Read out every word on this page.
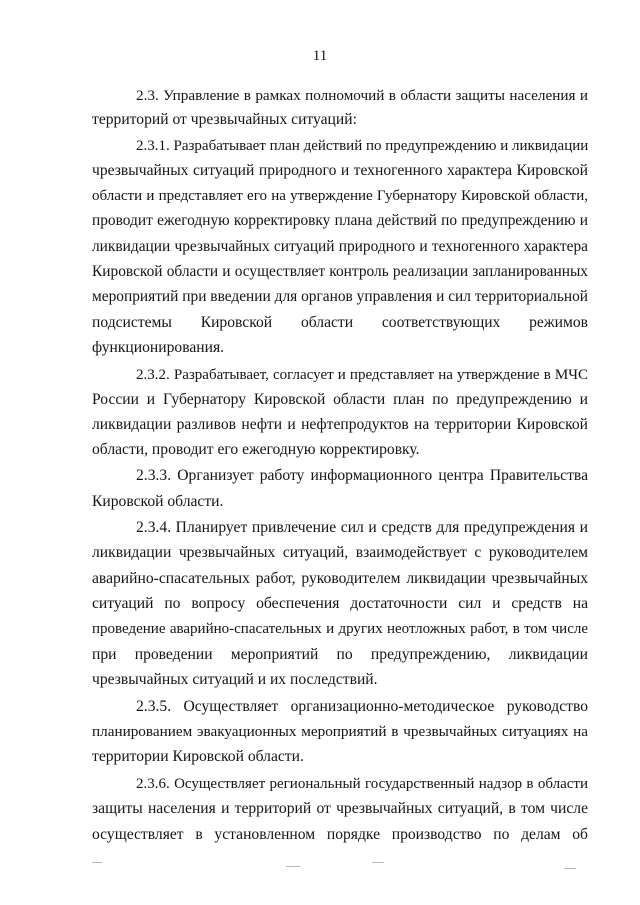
11
2.3. Управление в рамках полномочий в области защиты населения и
территорий от чрезвычайных ситуаций:
2.3.1. Разрабатывает план действий по предупреждению и ликвидации
чрезвычайных ситуаций природного и техногенного характера Кировской
области и представляет его на утверждение Губернатору Кировской области,
проводит ежегодную корректировку плана действий по предупреждению и
ликвидации чрезвычайных ситуаций природного и техногенного характера
Кировской области и осуществляет контроль реализации запланированных
мероприятий при введении для органов управления и сил территориальной
подсистемы Кировской области соответствующих режимов
функционирования.
2.3.2. Разрабатывает, согласует и представляет на утверждение в МЧС
России и Губернатору Кировской области план по предупреждению и
ликвидации разливов нефти и нефтепродуктов на территории Кировской
области, проводит его ежегодную корректировку.
2.3.3. Организует работу информационного центра Правительства
Кировской области.
2.3.4. Планирует привлечение сил и средств для предупреждения и
ликвидации чрезвычайных ситуаций, взаимодействует с руководителем
аварийно-спасательных работ, руководителем ликвидации чрезвычайных
ситуаций по вопросу обеспечения достаточности сил и средств на
проведение аварийно-спасательных и других неотложных работ, в том числе
при проведении мероприятий по предупреждению, ликвидации
чрезвычайных ситуаций и их последствий.
2.3.5. Осуществляет организационно-методическое руководство
планированием эвакуационных мероприятий в чрезвычайных ситуациях на
территории Кировской области.
2.3.6. Осуществляет региональный государственный надзор в области
защиты населения и территорий от чрезвычайных ситуаций, в том числе
осуществляет в установленном порядке производство по делам об
